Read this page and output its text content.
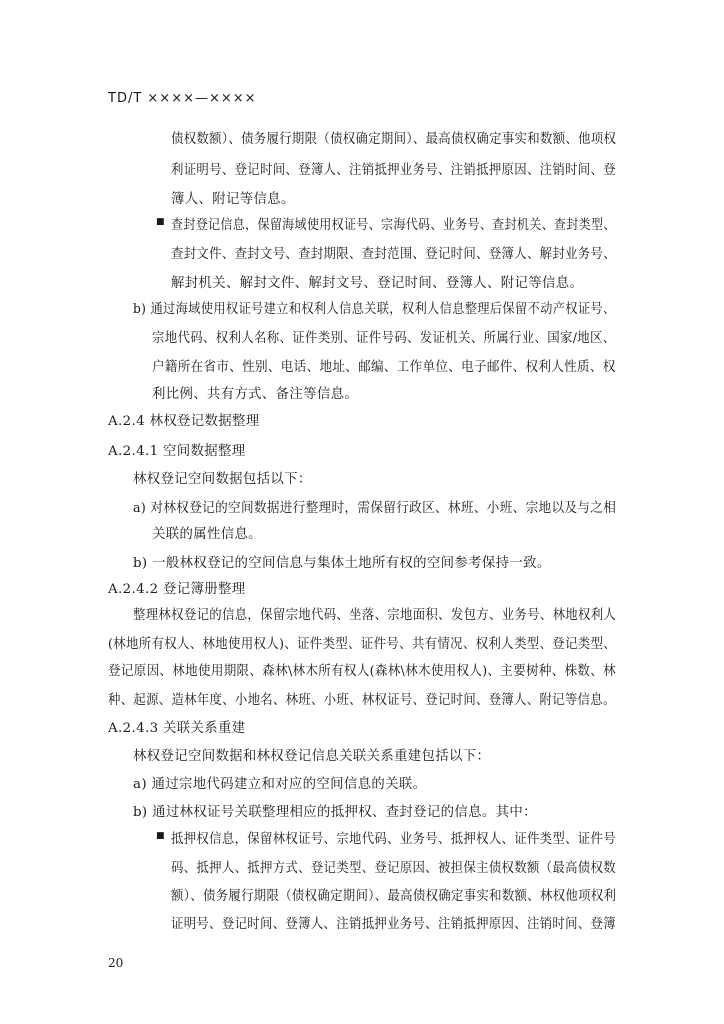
TD/T ××××—××××
债权数额）、债务履行期限（债权确定期间）、最高债权确定事实和数额、他项权
利证明号、登记时间、登簿人、注销抵押业务号、注销抵押原因、注销时间、登
簿人、附记等信息。
■ 查封登记信息，保留海域使用权证号、宗海代码、业务号、查封机关、查封类型、
查封文件、查封文号、查封期限、查封范围、登记时间、登簿人、解封业务号、
解封机关、解封文件、解封文号、登记时间、登簿人、附记等信息。
b) 通过海域使用权证号建立和权利人信息关联，权利人信息整理后保留不动产权证号、
宗地代码、权利人名称、证件类别、证件号码、发证机关、所属行业、国家/地区、
户籍所在省市、性别、电话、地址、邮编、工作单位、电子邮件、权利人性质、权
利比例、共有方式、备注等信息。
A.2.4 林权登记数据整理
A.2.4.1 空间数据整理
林权登记空间数据包括以下：
a) 对林权登记的空间数据进行整理时，需保留行政区、林班、小班、宗地以及与之相
关联的属性信息。
b) 一般林权登记的空间信息与集体土地所有权的空间参考保持一致。
A.2.4.2 登记簿册整理
整理林权登记的信息，保留宗地代码、坐落、宗地面积、发包方、业务号、林地权利人
(林地所有权人、林地使用权人)、证件类型、证件号、共有情况、权利人类型、登记类型、
登记原因、林地使用期限、森林\林木所有权人(森林\林木使用权人)、主要树种、株数、林
种、起源、造林年度、小地名、林班、小班、林权证号、登记时间、登簿人、附记等信息。
A.2.4.3 关联关系重建
林权登记空间数据和林权登记信息关联关系重建包括以下：
a) 通过宗地代码建立和对应的空间信息的关联。
b) 通过林权证号关联整理相应的抵押权、查封登记的信息。其中：
■ 抵押权信息，保留林权证号、宗地代码、业务号、抵押权人、证件类型、证件号
码、抵押人、抵押方式、登记类型、登记原因、被担保主债权数额（最高债权数
额）、债务履行期限（债权确定期间）、最高债权确定事实和数额、林权他项权利
证明号、登记时间、登簿人、注销抵押业务号、注销抵押原因、注销时间、登簿
20
